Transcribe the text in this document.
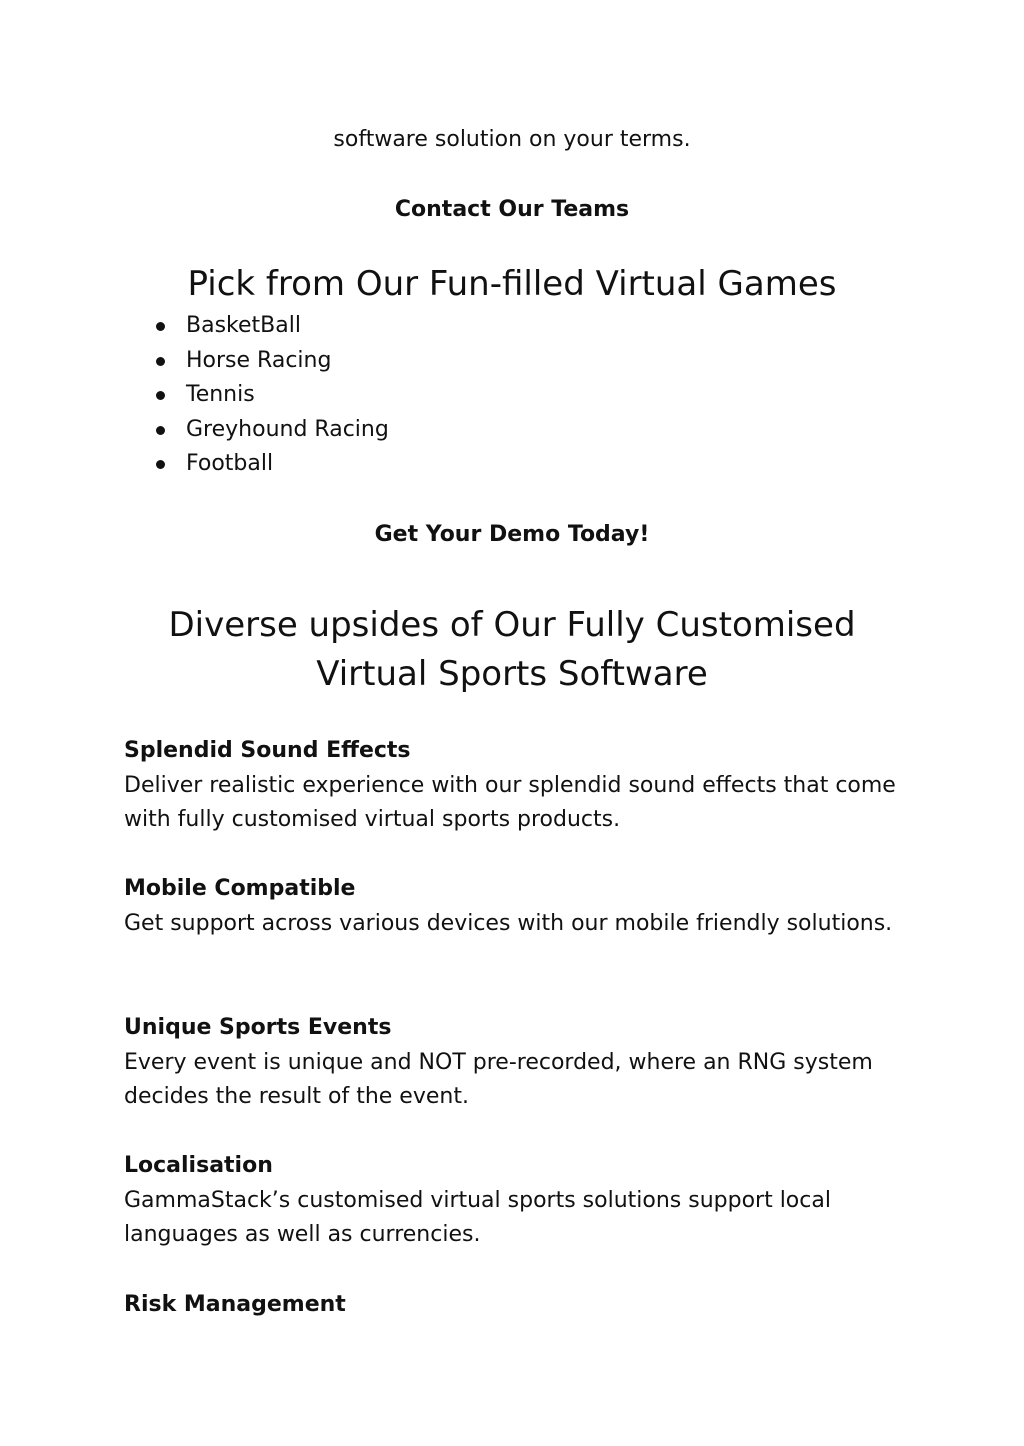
software solution on your terms.

Contact Our Teams

Pick from Our Fun-filled Virtual Games
BasketBall
Horse Racing
Tennis
Greyhound Racing
Football

Get Your Demo Today!

Diverse upsides of Our Fully Customised
Virtual Sports Software

Splendid Sound Effects

Deliver realistic experience with our splendid sound effects that come with fully customised virtual sports products.

Mobile Compatible

Get support across various devices with our mobile friendly solutions.

Unique Sports Events

Every event is unique and NOT pre-recorded, where an RNG system decides the result of the event.

Localisation

GammaStack’s customised virtual sports solutions support local languages as well as currencies.

Risk Management
